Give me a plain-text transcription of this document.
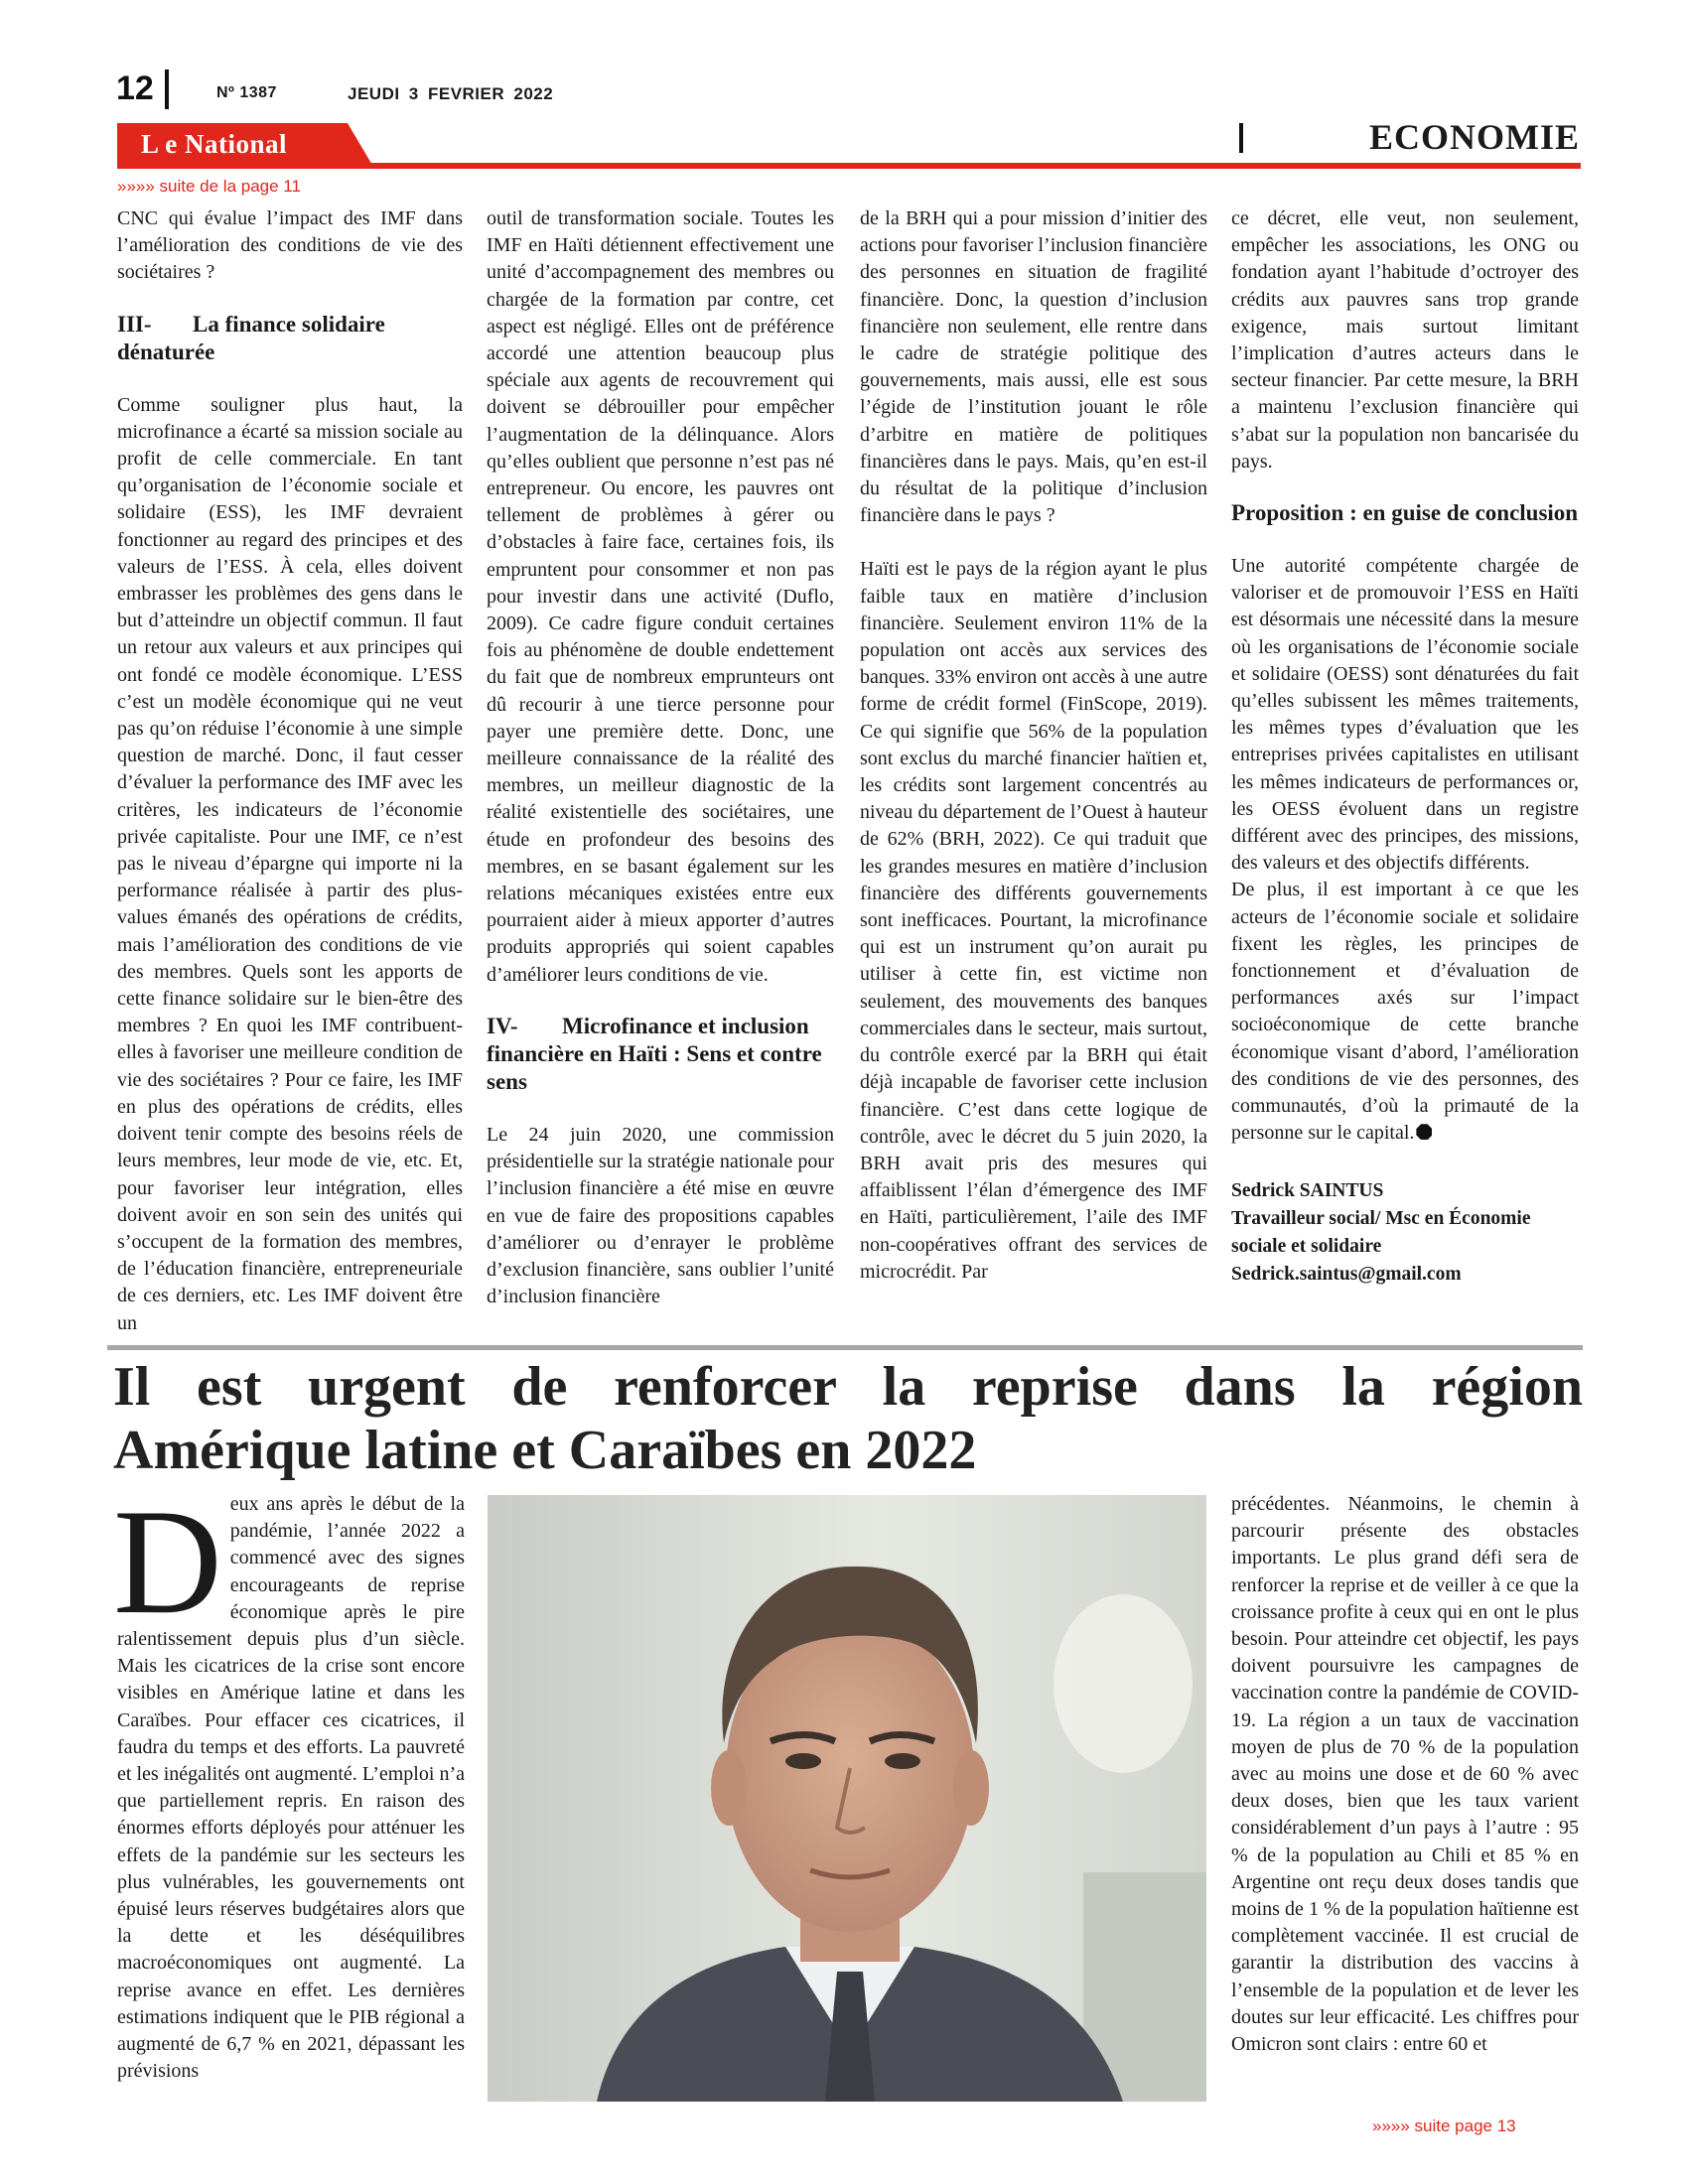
12	Nº 1387	JEUDI 3 FEVRIER 2022
L e National	ECONOMIE
»»»» suite de la page 11

CNC qui évalue l’impact des IMF dans l’amélioration des conditions de vie des sociétaires ?

III- La finance solidaire dénaturée

Comme souligner plus haut, la microfinance a écarté sa mission sociale au profit de celle commerciale. En tant qu’organisation de l’économie sociale et solidaire (ESS), les IMF devraient fonctionner au regard des principes et des valeurs de l’ESS. À cela, elles doivent embrasser les problèmes des gens dans le but d’atteindre un objectif commun. Il faut un retour aux valeurs et aux principes qui ont fondé ce modèle économique. L’ESS c’est un modèle économique qui ne veut pas qu’on réduise l’économie à une simple question de marché. Donc, il faut cesser d’évaluer la performance des IMF avec les critères, les indicateurs de l’économie privée capitaliste. Pour une IMF, ce n’est pas le niveau d’épargne qui importe ni la performance réalisée à partir des plus-values émanés des opérations de crédits, mais l’amélioration des conditions de vie des membres. Quels sont les apports de cette finance solidaire sur le bien-être des membres ? En quoi les IMF contribuent-elles à favoriser une meilleure condition de vie des sociétaires ? Pour ce faire, les IMF en plus des opérations de crédits, elles doivent tenir compte des besoins réels de leurs membres, leur mode de vie, etc. Et, pour favoriser leur intégration, elles doivent avoir en son sein des unités qui s’occupent de la formation des membres, de l’éducation financière, entrepreneuriale de ces derniers, etc. Les IMF doivent être un

outil de transformation sociale. Toutes les IMF en Haïti détiennent effectivement une unité d’accompagnement des membres ou chargée de la formation par contre, cet aspect est négligé. Elles ont de préférence accordé une attention beaucoup plus spéciale aux agents de recouvrement qui doivent se débrouiller pour empêcher l’augmentation de la délinquance. Alors qu’elles oublient que personne n’est pas né entrepreneur. Ou encore, les pauvres ont tellement de problèmes à gérer ou d’obstacles à faire face, certaines fois, ils empruntent pour consommer et non pas pour investir dans une activité (Duflo, 2009). Ce cadre figure conduit certaines fois au phénomène de double endettement du fait que de nombreux emprunteurs ont dû recourir à une tierce personne pour payer une première dette. Donc, une meilleure connaissance de la réalité des membres, un meilleur diagnostic de la réalité existentielle des sociétaires, une étude en profondeur des besoins des membres, en se basant également sur les relations mécaniques existées entre eux pourraient aider à mieux apporter d’autres produits appropriés qui soient capables d’améliorer leurs conditions de vie.

IV- Microfinance et inclusion financière en Haïti : Sens et contre sens

Le 24 juin 2020, une commission présidentielle sur la stratégie nationale pour l’inclusion financière a été mise en œuvre en vue de faire des propositions capables d’améliorer ou d’enrayer le problème d’exclusion financière, sans oublier l’unité d’inclusion financière

de la BRH qui a pour mission d’initier des actions pour favoriser l’inclusion financière des personnes en situation de fragilité financière. Donc, la question d’inclusion financière non seulement, elle rentre dans le cadre de stratégie politique des gouvernements, mais aussi, elle est sous l’égide de l’institution jouant le rôle d’arbitre en matière de politiques financières dans le pays. Mais, qu’en est-il du résultat de la politique d’inclusion financière dans le pays ?

Haïti est le pays de la région ayant le plus faible taux en matière d’inclusion financière. Seulement environ 11% de la population ont accès aux services des banques. 33% environ ont accès à une autre forme de crédit formel (FinScope, 2019). Ce qui signifie que 56% de la population sont exclus du marché financier haïtien et, les crédits sont largement concentrés au niveau du département de l’Ouest à hauteur de 62% (BRH, 2022). Ce qui traduit que les grandes mesures en matière d’inclusion financière des différents gouvernements sont inefficaces. Pourtant, la microfinance qui est un instrument qu’on aurait pu utiliser à cette fin, est victime non seulement, des mouvements des banques commerciales dans le secteur, mais surtout, du contrôle exercé par la BRH qui était déjà incapable de favoriser cette inclusion financière. C’est dans cette logique de contrôle, avec le décret du 5 juin 2020, la BRH avait pris des mesures qui affaiblissent l’élan d’émergence des IMF en Haïti, particulièrement, l’aile des IMF non-coopératives offrant des services de microcrédit. Par

ce décret, elle veut, non seulement, empêcher les associations, les ONG ou fondation ayant l’habitude d’octroyer des crédits aux pauvres sans trop grande exigence, mais surtout limitant l’implication d’autres acteurs dans le secteur financier. Par cette mesure, la BRH a maintenu l’exclusion financière qui s’abat sur la population non bancarisée du pays.

Proposition : en guise de conclusion

Une autorité compétente chargée de valoriser et de promouvoir l’ESS en Haïti est désormais une nécessité dans la mesure où les organisations de l’économie sociale et solidaire (OESS) sont dénaturées du fait qu’elles subissent les mêmes traitements, les mêmes types d’évaluation que les entreprises privées capitalistes en utilisant les mêmes indicateurs de performances or, les OESS évoluent dans un registre différent avec des principes, des missions, des valeurs et des objectifs différents.

De plus, il est important à ce que les acteurs de l’économie sociale et solidaire fixent les règles, les principes de fonctionnement et d’évaluation de performances axés sur l’impact socioéconomique de cette branche économique visant d’abord, l’amélioration des conditions de vie des personnes, des communautés, d’où la primauté de la personne sur le capital.

Sedrick SAINTUS
Travailleur social/ Msc en Économie sociale et solidaire
Sedrick.saintus@gmail.com
Il est urgent de renforcer la reprise dans la région
Amérique latine et Caraïbes en 2022
D eux ans après le début de la pandémie, l’année 2022 a commencé avec des signes encourageants de reprise économique après le pire ralentissement depuis plus d’un siècle. Mais les cicatrices de la crise sont encore visibles en Amérique latine et dans les Caraïbes. Pour effacer ces cicatrices, il faudra du temps et des efforts. La pauvreté et les inégalités ont augmenté. L’emploi n’a que partiellement repris. En raison des énormes efforts déployés pour atténuer les effets de la pandémie sur les secteurs les plus vulnérables, les gouvernements ont épuisé leurs réserves budgétaires alors que la dette et les déséquilibres macroéconomiques ont augmenté. La reprise avance en effet. Les dernières estimations indiquent que le PIB régional a augmenté de 6,7 % en 2021, dépassant les prévisions

précédentes. Néanmoins, le chemin à parcourir présente des obstacles importants. Le plus grand défi sera de renforcer la reprise et de veiller à ce que la croissance profite à ceux qui en ont le plus besoin. Pour atteindre cet objectif, les pays doivent poursuivre les campagnes de vaccination contre la pandémie de COVID-19. La région a un taux de vaccination moyen de plus de 70 % de la population avec au moins une dose et de 60 % avec deux doses, bien que les taux varient considérablement d’un pays à l’autre : 95 % de la population au Chili et 85 % en Argentine ont reçu deux doses tandis que moins de 1 % de la population haïtienne est complètement vaccinée. Il est crucial de garantir la distribution des vaccins à l’ensemble de la population et de lever les doutes sur leur efficacité. Les chiffres pour Omicron sont clairs : entre 60 et

»»»» suite page 13
